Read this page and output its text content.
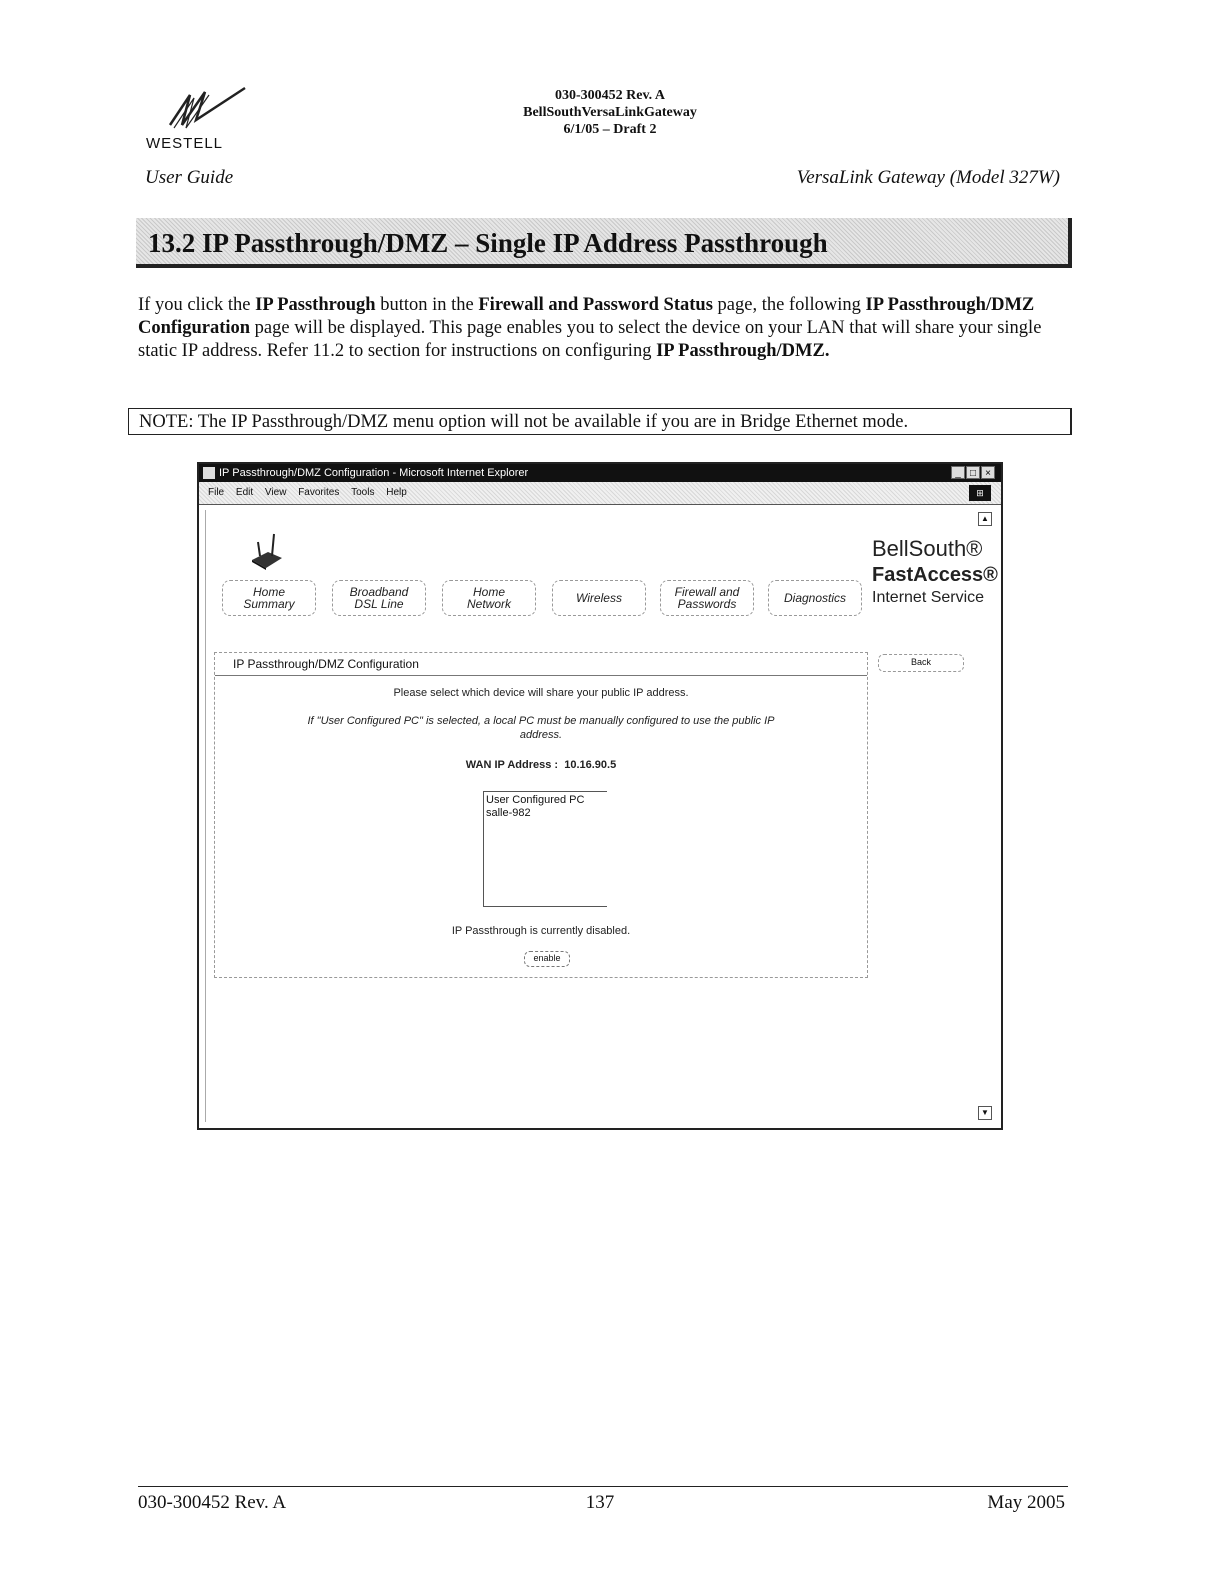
WESTELL
030-300452 Rev. A
BellSouthVersaLinkGateway
6/1/05 – Draft 2
User Guide	VersaLink Gateway (Model 327W)
13.2 IP Passthrough/DMZ – Single IP Address Passthrough
If you click the IP Passthrough button in the Firewall and Password Status page, the following IP Passthrough/DMZ Configuration page will be displayed. This page enables you to select the device on your LAN that will share your single static IP address. Refer 11.2 to section for instructions on configuring IP Passthrough/DMZ.
NOTE: The IP Passthrough/DMZ menu option will not be available if you are in Bridge Ethernet mode.
IP Passthrough/DMZ Configuration - Microsoft Internet Explorer	_ □ ×
File Edit View Favorites Tools Help	⊞
▲
▼
Home
Summary
Broadband
DSL Line
Home
Network	Wireless	Firewall and
Passwords	Diagnostics
BellSouth®
FastAccess®
Internet Service
Back
IP Passthrough/DMZ Configuration
Please select which device will share your public IP address.
If "User Configured PC" is selected, a local PC must be manually configured to use the public IP
address.
WAN IP Address : 10.16.90.5
User Configured PC
salle-982
IP Passthrough is currently disabled.
enable
030-300452 Rev. A	137	May 2005
